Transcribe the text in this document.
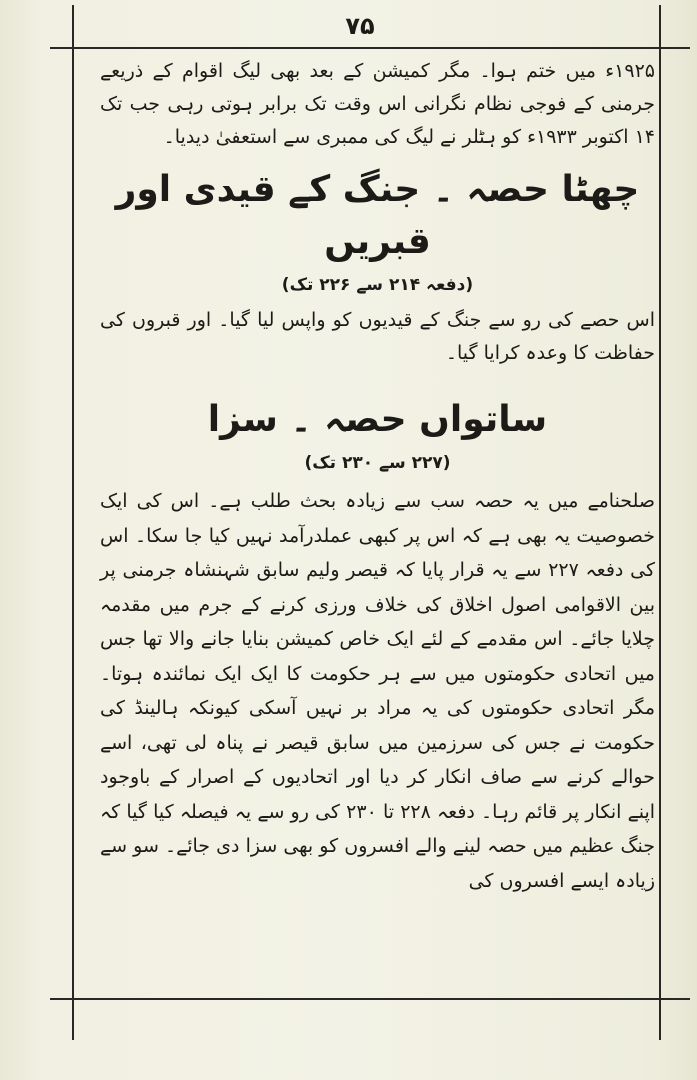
۷۵

۱۹۲۵ء میں ختم ہوا۔ مگر کمیشن کے بعد بھی لیگ اقوام کے ذریعے جرمنی کے فوجی نظام نگرانی اس وقت تک برابر ہوتی رہی جب تک ۱۴ اکتوبر ۱۹۳۳ء کو ہٹلر نے لیگ کی ممبری سے استعفیٰ دیدیا۔

چھٹا حصہ ۔ جنگ کے قیدی اور قبریں
(دفعہ ۲۱۴ سے ۲۲۶ تک)

اس حصے کی رو سے جنگ کے قیدیوں کو واپس لیا گیا۔ اور قبروں کی حفاظت کا وعدہ کرایا گیا۔

ساتواں حصہ ۔ سزا
(۲۲۷ سے ۲۳۰ تک)

صلحنامے میں یہ حصہ سب سے زیادہ بحث طلب ہے۔ اس کی ایک خصوصیت یہ بھی ہے کہ اس پر کبھی عملدرآمد نہیں کیا جا سکا۔ اس کی دفعہ ۲۲۷ سے یہ قرار پایا کہ قیصر ولیم سابق شہنشاہ جرمنی پر بین الاقوامی اصول اخلاق کی خلاف ورزی کرنے کے جرم میں مقدمہ چلایا جائے۔ اس مقدمے کے لئے ایک خاص کمیشن بنایا جانے والا تھا جس میں اتحادی حکومتوں میں سے ہر حکومت کا ایک ایک نمائندہ ہوتا۔ مگر اتحادی حکومتوں کی یہ مراد بر نہیں آسکی کیونکہ ہالینڈ کی حکومت نے جس کی سرزمین میں سابق قیصر نے پناہ لی تھی، اسے حوالے کرنے سے صاف انکار کر دیا اور اتحادیوں کے اصرار کے باوجود اپنے انکار پر قائم رہا۔ دفعہ ۲۲۸ تا ۲۳۰ کی رو سے یہ فیصلہ کیا گیا کہ جنگ عظیم میں حصہ لینے والے افسروں کو بھی سزا دی جائے۔ سو سے زیادہ ایسے افسروں کی
